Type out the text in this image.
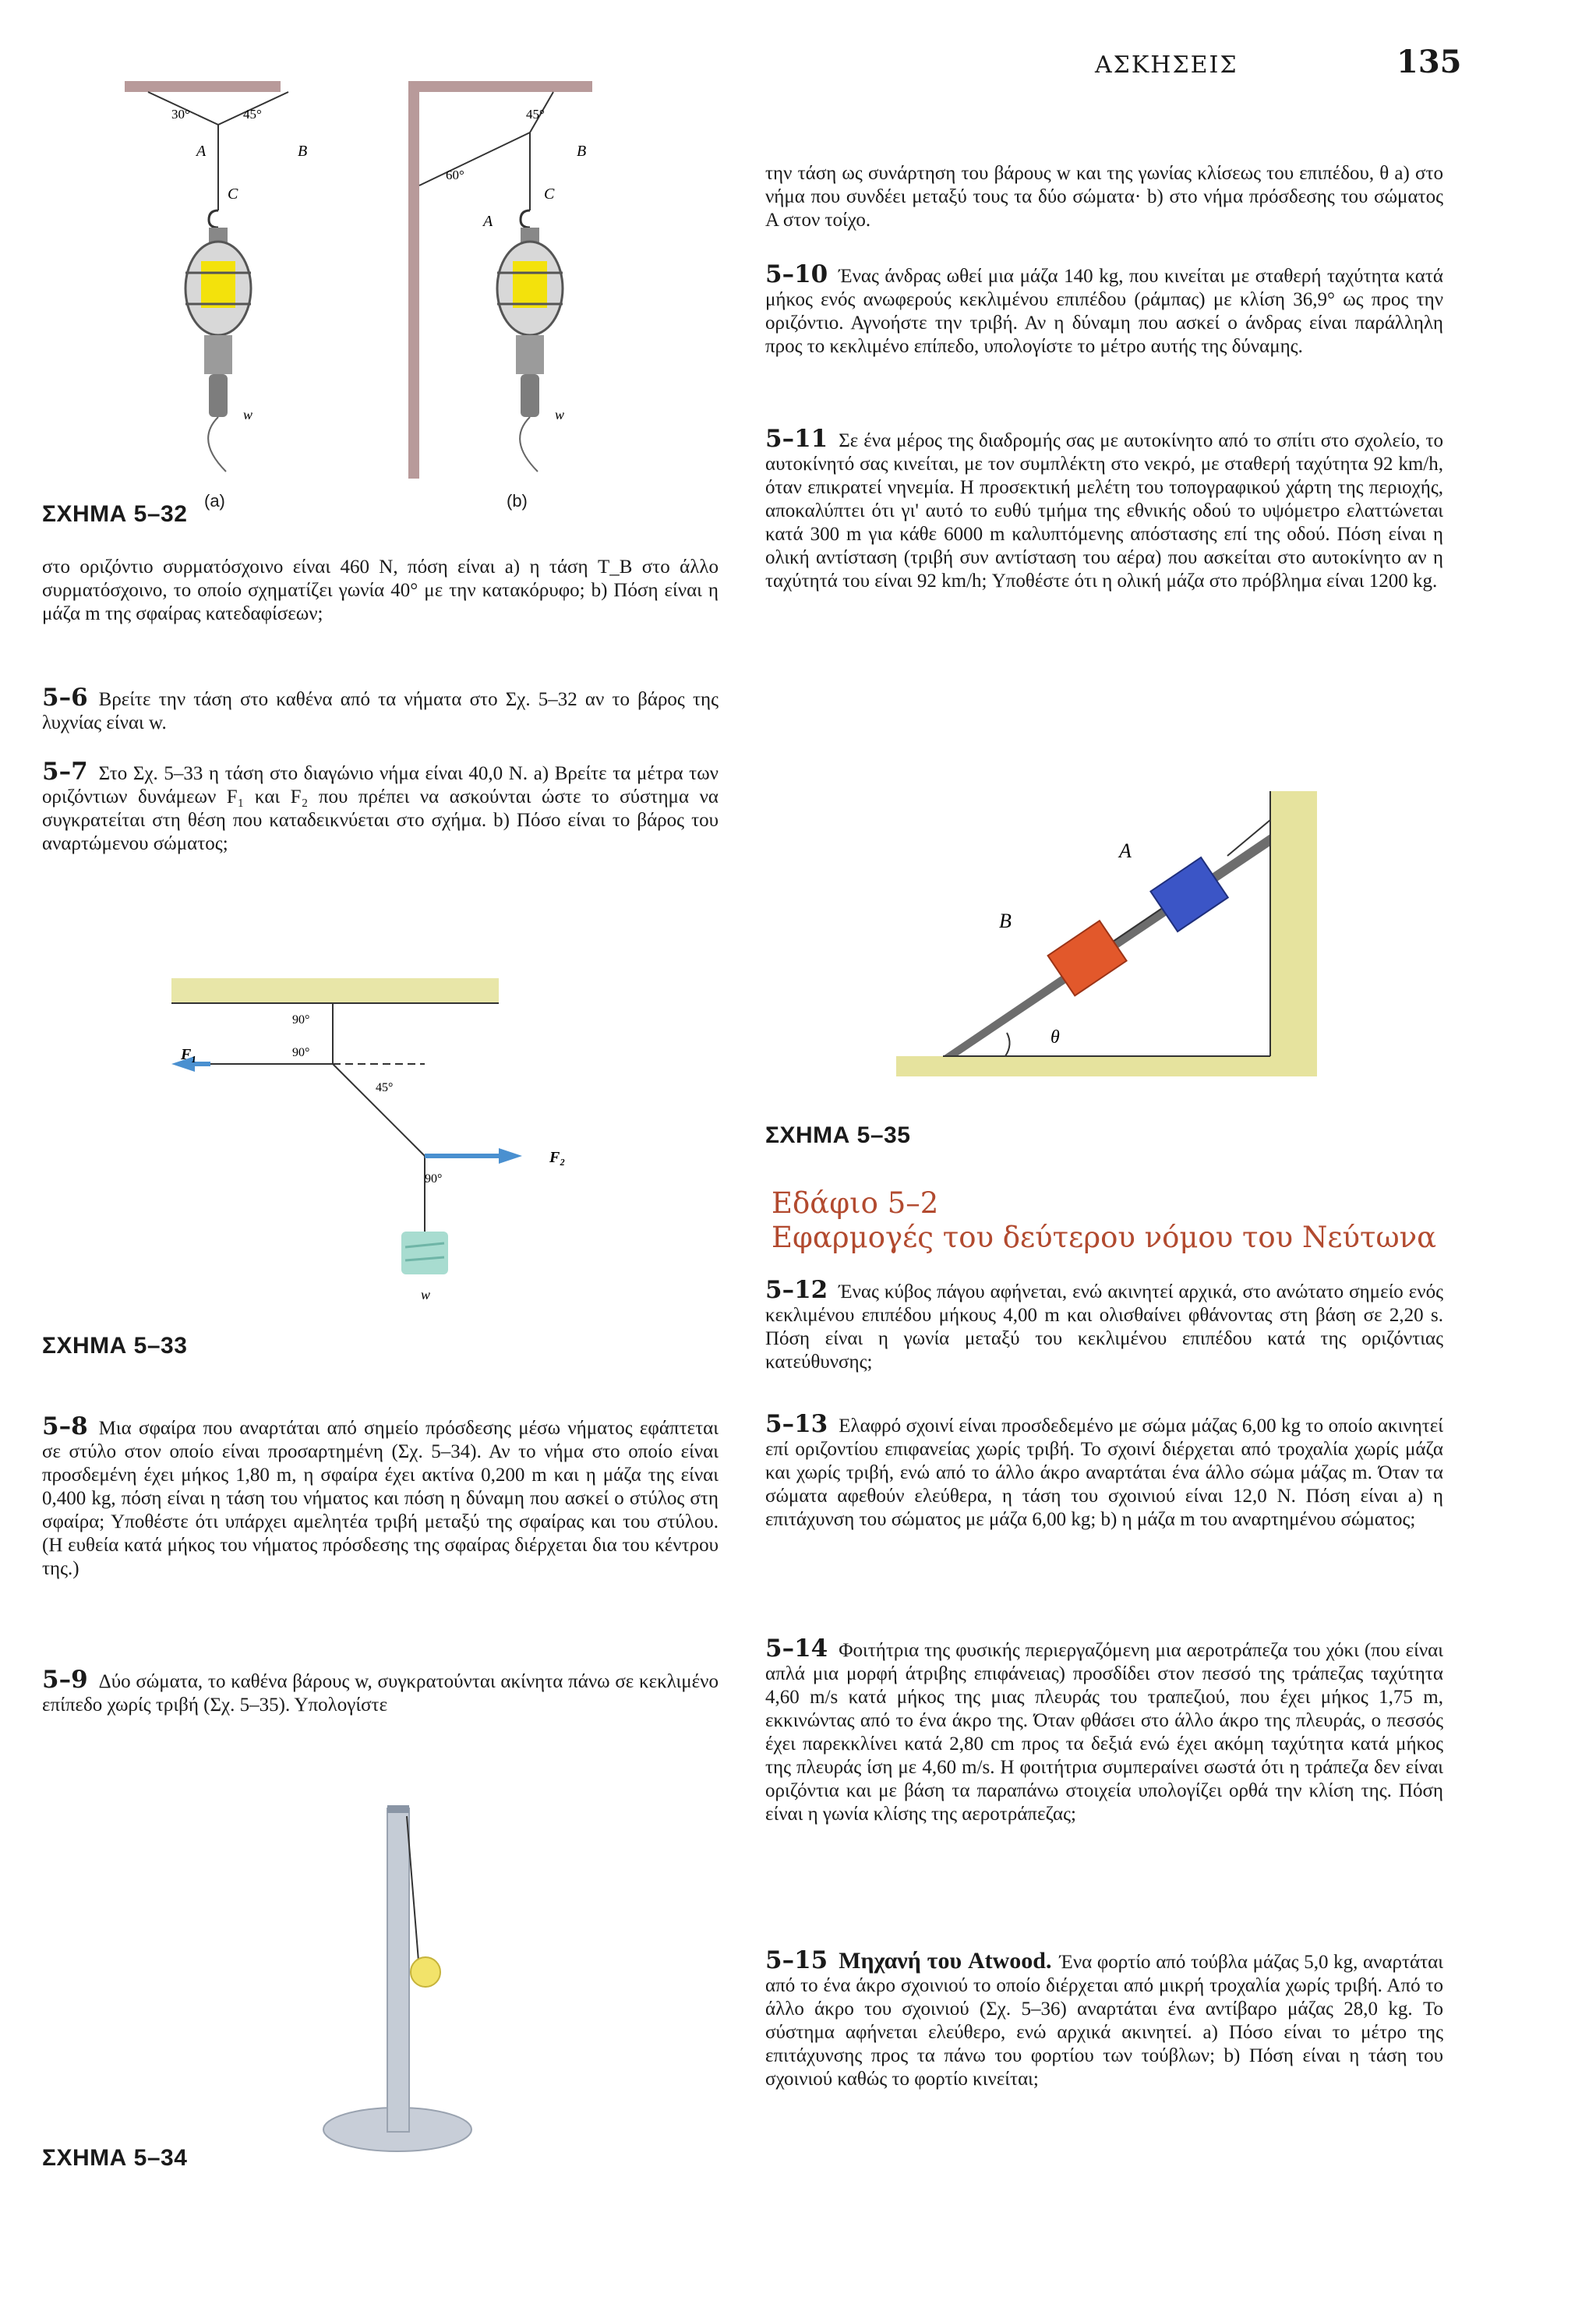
ΑΣΚΗΣΕΙΣ	135
30°	45°
A	B
C
w
45°
60°
A
B
C
w
ΣΧΗΜΑ 5–32
(a)	(b)
στο οριζόντιο συρματόσχοινο είναι 460 N, πόση είναι a) η τάση T_B στο άλλο συρματόσχοινο, το οποίο σχηματίζει γωνία 40° με την κατακόρυφο; b) Πόση είναι η μάζα m της σφαίρας κατεδαφίσεων;
5–6 Βρείτε την τάση στο καθένα από τα νήματα στο Σχ. 5–32 αν το βάρος της λυχνίας είναι w.
5–7 Στο Σχ. 5–33 η τάση στο διαγώνιο νήμα είναι 40,0 N. a) Βρείτε τα μέτρα των οριζόντιων δυνάμεων F₁ και F₂ που πρέπει να ασκούνται ώστε το σύστημα να συγκρατείται στη θέση που καταδεικνύεται στο σχήμα. b) Πόσο είναι το βάρος του αναρτώμενου σώματος;
90°
90°
45°
90°
F₁
F₂
w
ΣΧΗΜΑ 5–33
5–8 Μια σφαίρα που αναρτάται από σημείο πρόσδεσης μέσω νήματος εφάπτεται σε στύλο στον οποίο είναι προσαρτημένη (Σχ. 5–34). Αν το νήμα στο οποίο είναι προσδεμένη έχει μήκος 1,80 m, η σφαίρα έχει ακτίνα 0,200 m και η μάζα της είναι 0,400 kg, πόση είναι η τάση του νήματος και πόση η δύναμη που ασκεί ο στύλος στη σφαίρα; Υποθέστε ότι υπάρχει αμελητέα τριβή μεταξύ της σφαίρας και του στύλου. (Η ευθεία κατά μήκος του νήματος πρόσδεσης της σφαίρας διέρχεται δια του κέντρου της.)
5–9 Δύο σώματα, το καθένα βάρους w, συγκρατούνται ακίνητα πάνω σε κεκλιμένο επίπεδο χωρίς τριβή (Σχ. 5–35). Υπολογίστε
ΣΧΗΜΑ 5–34
την τάση ως συνάρτηση του βάρους w και της γωνίας κλίσεως του επιπέδου, θ a) στο νήμα που συνδέει μεταξύ τους τα δύο σώματα· b) στο νήμα πρόσδεσης του σώματος A στον τοίχο.
5–10 Ένας άνδρας ωθεί μια μάζα 140 kg, που κινείται με σταθερή ταχύτητα κατά μήκος ενός ανωφερούς κεκλιμένου επιπέδου (ράμπας) με κλίση 36,9° ως προς την οριζόντιο. Αγνοήστε την τριβή. Αν η δύναμη που ασκεί ο άνδρας είναι παράλληλη προς το κεκλιμένο επίπεδο, υπολογίστε το μέτρο αυτής της δύναμης.
5–11 Σε ένα μέρος της διαδρομής σας με αυτοκίνητο από το σπίτι στο σχολείο, το αυτοκίνητό σας κινείται, με τον συμπλέκτη στο νεκρό, με σταθερή ταχύτητα 92 km/h, όταν επικρατεί νηνεμία. Η προσεκτική μελέτη του τοπογραφικού χάρτη της περιοχής, αποκαλύπτει ότι γι' αυτό το ευθύ τμήμα της εθνικής οδού το υψόμετρο ελαττώνεται κατά 300 m για κάθε 6000 m καλυπτόμενης απόστασης επί της οδού. Πόση είναι η ολική αντίσταση (τριβή συν αντίσταση του αέρα) που ασκείται στο αυτοκίνητο αν η ταχύτητά του είναι 92 km/h; Υποθέστε ότι η ολική μάζα στο πρόβλημα είναι 1200 kg.
A
B
θ
ΣΧΗΜΑ 5–35
Εδάφιο 5–2
Εφαρμογές του δεύτερου νόμου του Νεύτωνα
5–12 Ένας κύβος πάγου αφήνεται, ενώ ακινητεί αρχικά, στο ανώτατο σημείο ενός κεκλιμένου επιπέδου μήκους 4,00 m και ολισθαίνει φθάνοντας στη βάση σε 2,20 s. Πόση είναι η γωνία μεταξύ του κεκλιμένου επιπέδου κατά της οριζόντιας κατεύθυνσης;
5–13 Ελαφρό σχοινί είναι προσδεδεμένο με σώμα μάζας 6,00 kg το οποίο ακινητεί επί οριζοντίου επιφανείας χωρίς τριβή. Το σχοινί διέρχεται από τροχαλία χωρίς μάζα και χωρίς τριβή, ενώ από το άλλο άκρο αναρτάται ένα άλλο σώμα μάζας m. Όταν τα σώματα αφεθούν ελεύθερα, η τάση του σχοινιού είναι 12,0 N. Πόση είναι a) η επιτάχυνση του σώματος με μάζα 6,00 kg; b) η μάζα m του αναρτημένου σώματος;
5–14 Φοιτήτρια της φυσικής περιεργαζόμενη μια αεροτράπεζα του χόκι (που είναι απλά μια μορφή άτριβης επιφάνειας) προσδίδει στον πεσσό της τράπεζας ταχύτητα 4,60 m/s κατά μήκος της μιας πλευράς του τραπεζιού, που έχει μήκος 1,75 m, εκκινώντας από το ένα άκρο της. Όταν φθάσει στο άλλο άκρο της πλευράς, ο πεσσός έχει παρεκκλίνει κατά 2,80 cm προς τα δεξιά ενώ έχει ακόμη ταχύτητα κατά μήκος της πλευράς ίση με 4,60 m/s. Η φοιτήτρια συμπεραίνει σωστά ότι η τράπεζα δεν είναι οριζόντια και με βάση τα παραπάνω στοιχεία υπολογίζει ορθά την κλίση της. Πόση είναι η γωνία κλίσης της αεροτράπεζας;
5–15 Μηχανή του Atwood. Ένα φορτίο από τούβλα μάζας 5,0 kg, αναρτάται από το ένα άκρο σχοινιού το οποίο διέρχεται από μικρή τροχαλία χωρίς τριβή. Από το άλλο άκρο του σχοινιού (Σχ. 5–36) αναρτάται ένα αντίβαρο μάζας 28,0 kg. Το σύστημα αφήνεται ελεύθερο, ενώ αρχικά ακινητεί. a) Πόσο είναι το μέτρο της επιτάχυνσης προς τα πάνω του φορτίου των τούβλων; b) Πόση είναι η τάση του σχοινιού καθώς το φορτίο κινείται;
